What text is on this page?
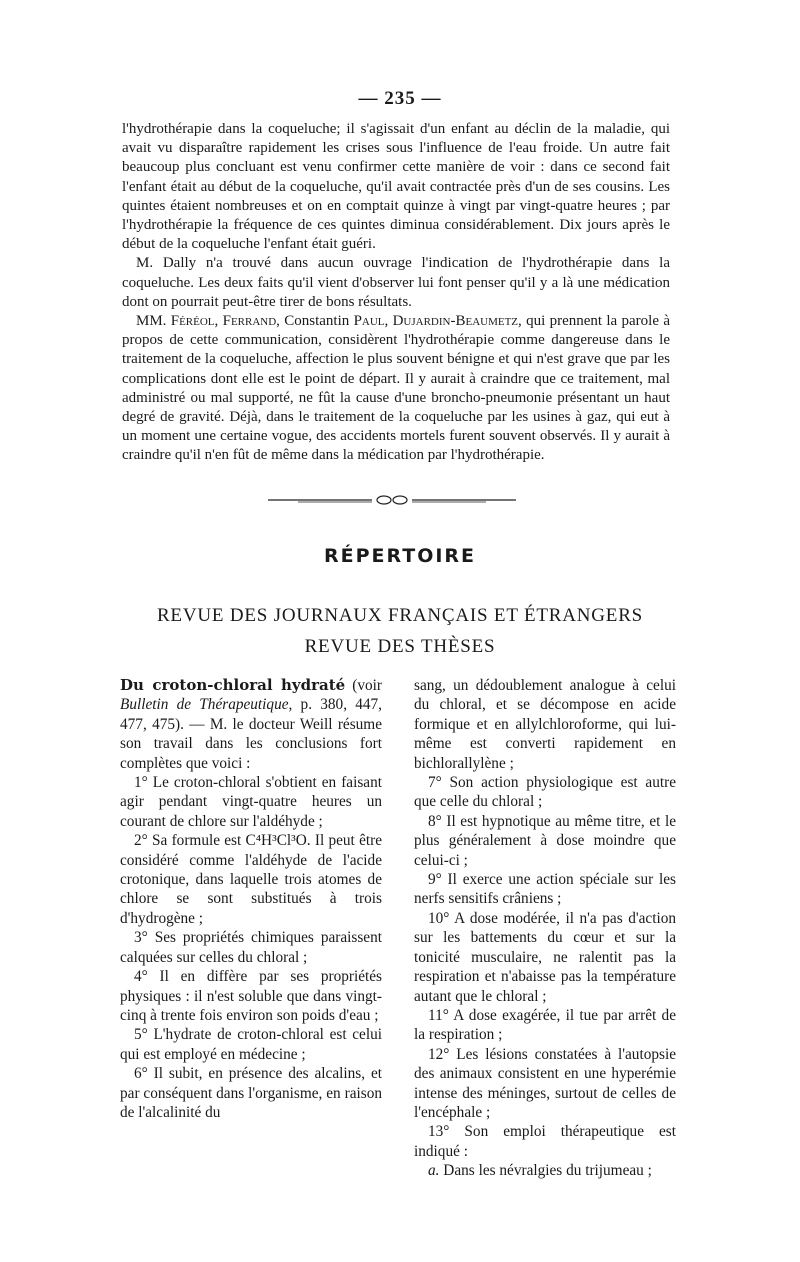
— 235 —

l'hydrothérapie dans la coqueluche; il s'agissait d'un enfant au déclin de la maladie, qui avait vu disparaître rapidement les crises sous l'influence de l'eau froide. Un autre fait beaucoup plus concluant est venu confirmer cette manière de voir : dans ce second fait l'enfant était au début de la coqueluche, qu'il avait contractée près d'un de ses cousins. Les quintes étaient nombreuses et on en comptait quinze à vingt par vingt-quatre heures ; par l'hydrothérapie la fréquence de ces quintes diminua considérablement. Dix jours après le début de la coqueluche l'enfant était guéri.

M. Dally n'a trouvé dans aucun ouvrage l'indication de l'hydrothérapie dans la coqueluche. Les deux faits qu'il vient d'observer lui font penser qu'il y a là une médication dont on pourrait peut-être tirer de bons résultats.

MM. Féréol, Ferrand, Constantin Paul, Dujardin-Beaumetz, qui prennent la parole à propos de cette communication, considèrent l'hydrothérapie comme dangereuse dans le traitement de la coqueluche, affection le plus souvent bénigne et qui n'est grave que par les complications dont elle est le point de départ. Il y aurait à craindre que ce traitement, mal administré ou mal supporté, ne fût la cause d'une broncho-pneumonie présentant un haut degré de gravité. Déjà, dans le traitement de la coqueluche par les usines à gaz, qui eut à un moment une certaine vogue, des accidents mortels furent souvent observés. Il y aurait à craindre qu'il n'en fût de même dans la médication par l'hydrothérapie.

RÉPERTOIRE
REVUE DES JOURNAUX FRANÇAIS ET ÉTRANGERS
REVUE DES THÈSES

Du croton-chloral hydraté (voir Bulletin de Thérapeutique, p. 380, 447, 477, 475). — M. le docteur Weill résume son travail dans les conclusions fort complètes que voici :

1° Le croton-chloral s'obtient en faisant agir pendant vingt-quatre heures un courant de chlore sur l'aldéhyde ;

2° Sa formule est C⁴H³Cl³O. Il peut être considéré comme l'aldéhyde de l'acide crotonique, dans laquelle trois atomes de chlore se sont substitués à trois d'hydrogène ;

3° Ses propriétés chimiques paraissent calquées sur celles du chloral ;

4° Il en diffère par ses propriétés physiques : il n'est soluble que dans vingt-cinq à trente fois environ son poids d'eau ;

5° L'hydrate de croton-chloral est celui qui est employé en médecine ;

6° Il subit, en présence des alcalins, et par conséquent dans l'organisme, en raison de l'alcalinité du

sang, un dédoublement analogue à celui du chloral, et se décompose en acide formique et en allylchloroforme, qui lui-même est converti rapidement en bichlorallylène ;

7° Son action physiologique est autre que celle du chloral ;

8° Il est hypnotique au même titre, et le plus généralement à dose moindre que celui-ci ;

9° Il exerce une action spéciale sur les nerfs sensitifs crâniens ;

10° A dose modérée, il n'a pas d'action sur les battements du cœur et sur la tonicité musculaire, ne ralentit pas la respiration et n'abaisse pas la température autant que le chloral ;

11° A dose exagérée, il tue par arrêt de la respiration ;

12° Les lésions constatées à l'autopsie des animaux consistent en une hyperémie intense des méninges, surtout de celles de l'encéphale ;

13° Son emploi thérapeutique est indiqué :

a. Dans les névralgies du trijumeau ;
